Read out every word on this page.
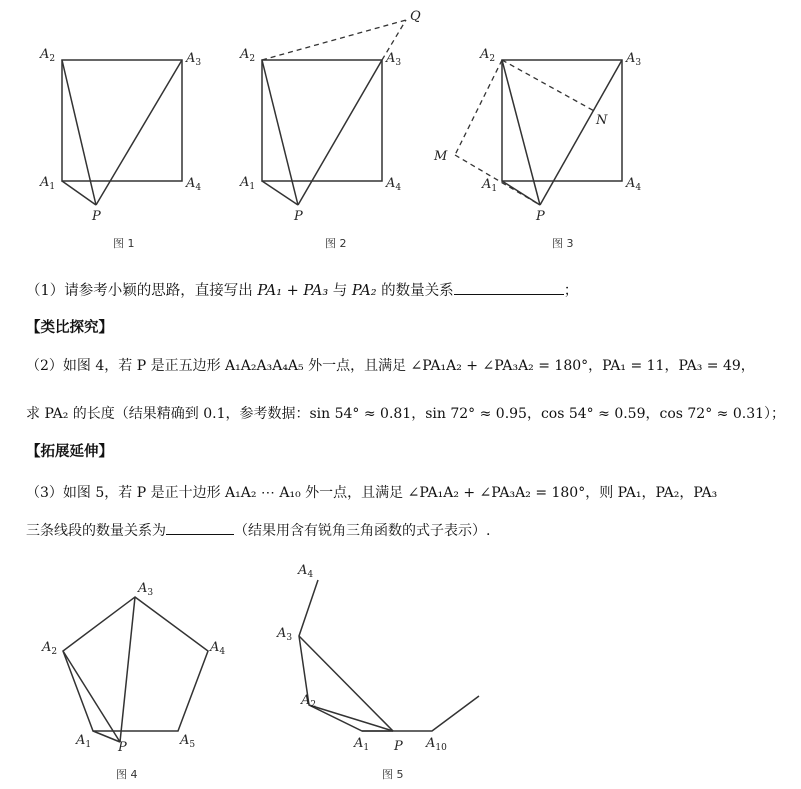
$A_2$	$A_3$
$A_1$	$A_4$
P
图 1
$A_2$	$A_3$
$A_1$	$A_4$
P
Q
图 2
$A_2$	$A_3$
$A_1$	$A_4$
P
M
N
图 3
（1）请参考小颖的思路，直接写出 PA₁ + PA₃ 与 PA₂ 的数量关系	；
【类比探究】
（2）如图 4，若 P 是正五边形 A₁A₂A₃A₄A₅ 外一点，且满足 ∠PA₁A₂ + ∠PA₃A₂ = 180°，PA₁ = 11，PA₃ = 49，
求 PA₂ 的长度（结果精确到 0.1，参考数据：sin 54° ≈ 0.81，sin 72° ≈ 0.95，cos 54° ≈ 0.59，cos 72° ≈ 0.31）；
【拓展延伸】
（3）如图 5，若 P 是正十边形 A₁A₂ ⋯ A₁₀ 外一点，且满足 ∠PA₁A₂ + ∠PA₃A₂ = 180°，则 PA₁，PA₂，PA₃
三条线段的数量关系为	（结果用含有锐角三角函数的式子表示）.
$A_3$
$A_2$	$A_4$
$A_1$	$A_5$
P
图 4
$A_4$
$A_3$
$A_2$
$A_1$ P $A_{10}$
图 5
